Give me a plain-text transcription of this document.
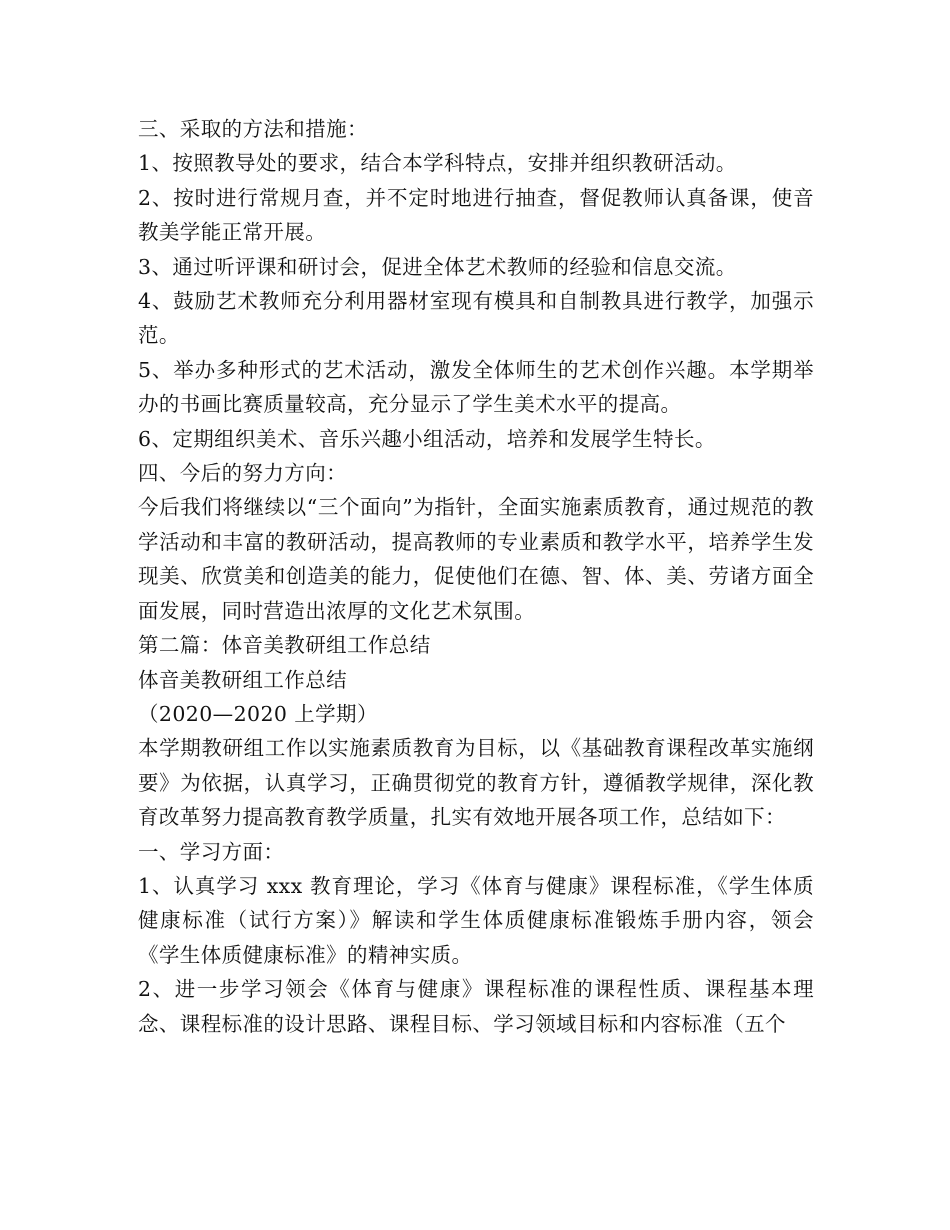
三、采取的方法和措施：

1、按照教导处的要求，结合本学科特点，安排并组织教研活动。

2、按时进行常规月查，并不定时地进行抽查，督促教师认真备课，使音教美学能正常开展。

3、通过听评课和研讨会，促进全体艺术教师的经验和信息交流。

4、鼓励艺术教师充分利用器材室现有模具和自制教具进行教学，加强示范。

5、举办多种形式的艺术活动，激发全体师生的艺术创作兴趣。本学期举办的书画比赛质量较高，充分显示了学生美术水平的提高。

6、定期组织美术、音乐兴趣小组活动，培养和发展学生特长。

四、今后的努力方向：

今后我们将继续以“三个面向”为指针，全面实施素质教育，通过规范的教学活动和丰富的教研活动，提高教师的专业素质和教学水平，培养学生发现美、欣赏美和创造美的能力，促使他们在德、智、体、美、劳诸方面全面发展，同时营造出浓厚的文化艺术氛围。

第二篇：体音美教研组工作总结

体音美教研组工作总结

（2020—2020 上学期）

本学期教研组工作以实施素质教育为目标，以《基础教育课程改革实施纲要》为依据，认真学习，正确贯彻党的教育方针，遵循教学规律，深化教育改革努力提高教育教学质量，扎实有效地开展各项工作，总结如下：

一、学习方面：

1、认真学习 xxx 教育理论，学习《体育与健康》课程标准，《学生体质健康标准（试行方案）》解读和学生体质健康标准锻炼手册内容，领会《学生体质健康标准》的精神实质。

2、进一步学习领会《体育与健康》课程标准的课程性质、课程基本理念、课程标准的设计思路、课程目标、学习领域目标和内容标准（五个
